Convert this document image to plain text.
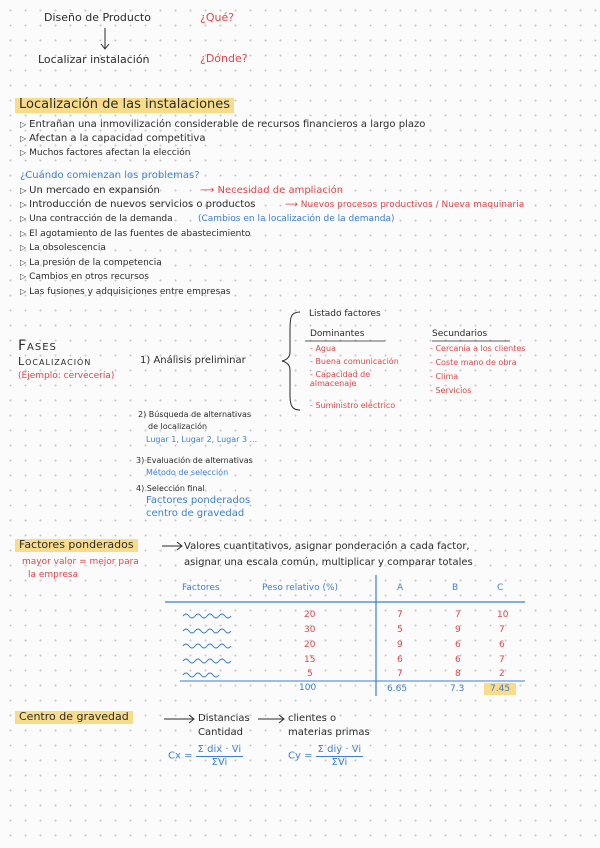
Diseño de Producto	¿Qué?
Localizar instalación	¿Dónde?
Localización de las instalaciones
▷ Entrañan una inmovilización considerable de recursos financieros a largo plazo
▷ Afectan a la capacidad competitiva
▷ Muchos factores afectan la elección
¿Cuándo comienzan los problemas?
▷ Un mercado en expansión	⟶ Necesidad de ampliación
▷ Introducción de nuevos servicios o productos	⟶ Nuevos procesos productivos / Nueva maquinaria
▷ Una contracción de la demanda	(Cambios en la localización de la demanda)
▷ El agotamiento de las fuentes de abastecimiento
▷ La obsolescencia
▷ La presión de la competencia
▷ Cambios en otros recursos
▷ Las fusiones y adquisiciones entre empresas
Fases
Localización
(Ejemplo: cervecería)
1) Análisis preliminar
Listado factores
Dominantes	Secundarios
- Agua
- Buena comunicación
- Capacidad de almacenaje
- Suministro eléctrico
- Cercanía a los clientes
- Coste mano de obra
- Clima
- Servicios
2) Búsqueda de alternativas
de localización
Lugar 1, Lugar 2, Lugar 3 ...
3) Evaluación de alternativas
Método de selección
4) Selección final
Factores ponderados
centro de gravedad
Factores ponderados	Valores cuantitativos, asignar ponderación a cada factor,
asignar una escala común, multiplicar y comparar totales
mayor valor = mejor para
la empresa
Factores	Peso relativo (%)	A	B	C
20	7	7	10
30	5	9	7
20	9	6	6
15	6	6	7
5	7	8	2
100	6.65	7.3	7.45
Centro de gravedad	Distancias
Cantidad
clientes o
materias primas
$Cx = \frac{\text{Σ dix · Vi}}{\text{ΣVi}}$	$Cy = \frac{\text{Σ diy · Vi}}{\text{ΣVi}}$
